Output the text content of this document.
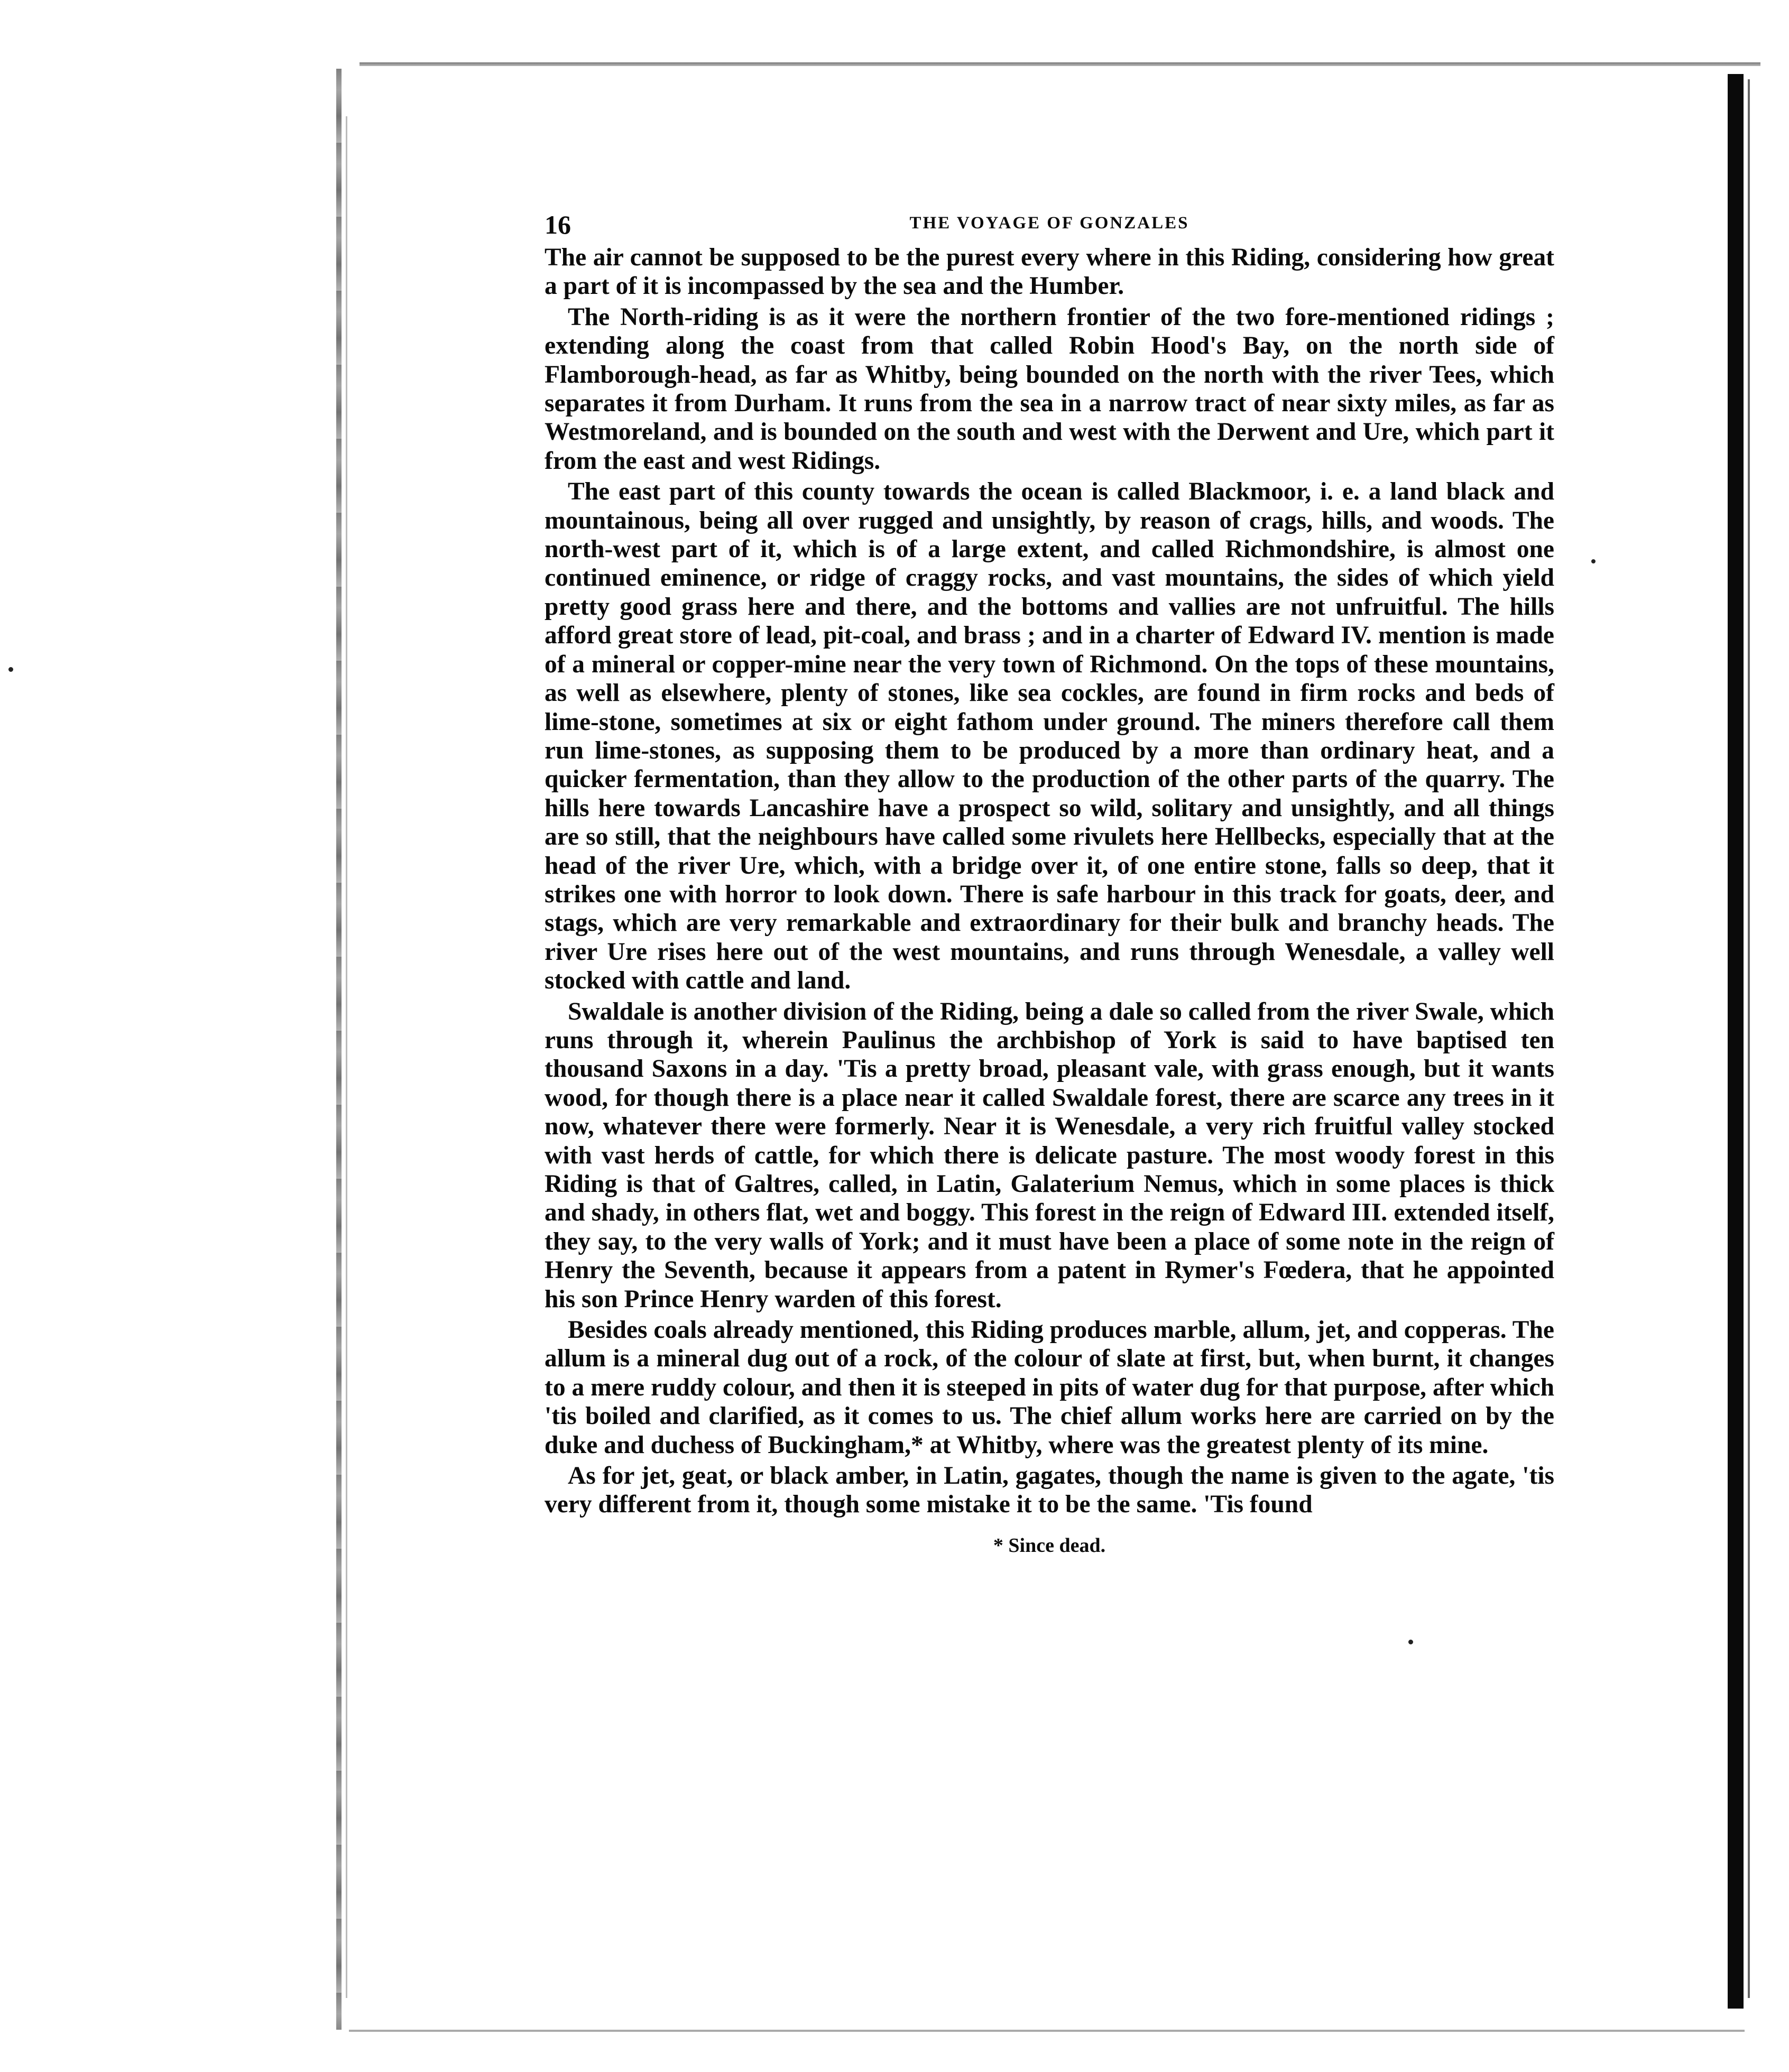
16	THE VOYAGE OF GONZALES

The air cannot be supposed to be the purest every where in this Riding, considering how great a part of it is incompassed by the sea and the Humber.

The North-riding is as it were the northern frontier of the two fore-mentioned ridings ; extending along the coast from that called Robin Hood's Bay, on the north side of Flamborough-head, as far as Whitby, being bounded on the north with the river Tees, which separates it from Durham. It runs from the sea in a narrow tract of near sixty miles, as far as Westmoreland, and is bounded on the south and west with the Derwent and Ure, which part it from the east and west Ridings.

The east part of this county towards the ocean is called Blackmoor, i. e. a land black and mountainous, being all over rugged and unsightly, by reason of crags, hills, and woods. The north-west part of it, which is of a large extent, and called Richmondshire, is almost one continued eminence, or ridge of craggy rocks, and vast mountains, the sides of which yield pretty good grass here and there, and the bottoms and vallies are not unfruitful. The hills afford great store of lead, pit-coal, and brass ; and in a charter of Edward IV. mention is made of a mineral or copper-mine near the very town of Richmond. On the tops of these mountains, as well as elsewhere, plenty of stones, like sea cockles, are found in firm rocks and beds of lime-stone, sometimes at six or eight fathom under ground. The miners therefore call them run lime-stones, as supposing them to be produced by a more than ordinary heat, and a quicker fermentation, than they allow to the production of the other parts of the quarry. The hills here towards Lancashire have a prospect so wild, solitary and unsightly, and all things are so still, that the neighbours have called some rivulets here Hellbecks, especially that at the head of the river Ure, which, with a bridge over it, of one entire stone, falls so deep, that it strikes one with horror to look down. There is safe harbour in this track for goats, deer, and stags, which are very remarkable and extraordinary for their bulk and branchy heads. The river Ure rises here out of the west mountains, and runs through Wenesdale, a valley well stocked with cattle and land.

Swaldale is another division of the Riding, being a dale so called from the river Swale, which runs through it, wherein Paulinus the archbishop of York is said to have baptised ten thousand Saxons in a day. 'Tis a pretty broad, pleasant vale, with grass enough, but it wants wood, for though there is a place near it called Swaldale forest, there are scarce any trees in it now, whatever there were formerly. Near it is Wenesdale, a very rich fruitful valley stocked with vast herds of cattle, for which there is delicate pasture. The most woody forest in this Riding is that of Galtres, called, in Latin, Galaterium Nemus, which in some places is thick and shady, in others flat, wet and boggy. This forest in the reign of Edward III. extended itself, they say, to the very walls of York; and it must have been a place of some note in the reign of Henry the Seventh, because it appears from a patent in Rymer's Fœdera, that he appointed his son Prince Henry warden of this forest.

Besides coals already mentioned, this Riding produces marble, allum, jet, and copperas. The allum is a mineral dug out of a rock, of the colour of slate at first, but, when burnt, it changes to a mere ruddy colour, and then it is steeped in pits of water dug for that purpose, after which 'tis boiled and clarified, as it comes to us. The chief allum works here are carried on by the duke and duchess of Buckingham,* at Whitby, where was the greatest plenty of its mine.

As for jet, geat, or black amber, in Latin, gagates, though the name is given to the agate, 'tis very different from it, though some mistake it to be the same. 'Tis found

* Since dead.
